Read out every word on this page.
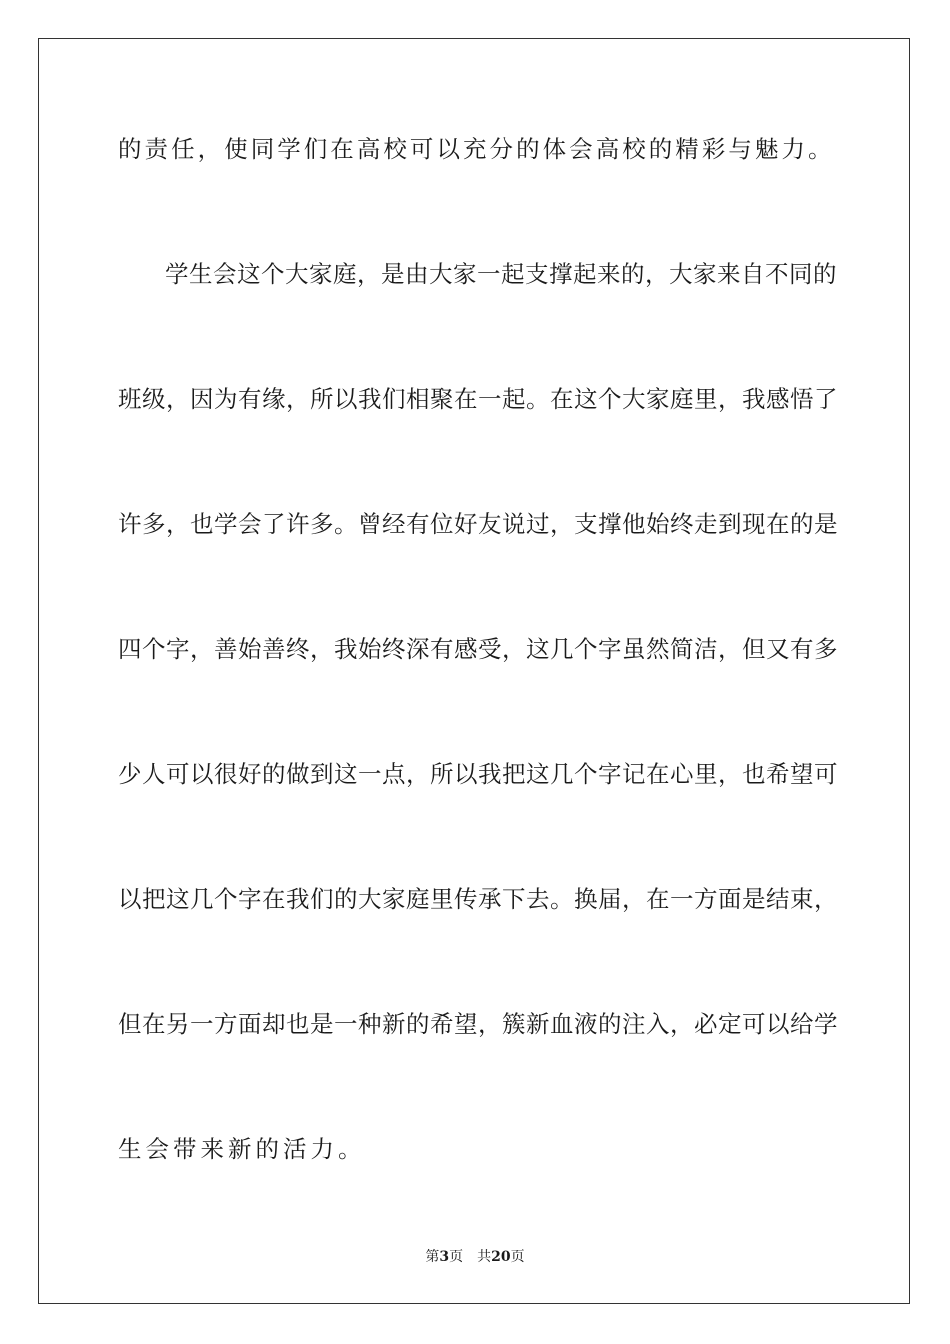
的责任，使同学们在高校可以充分的体会高校的精彩与魅力。
学生会这个大家庭，是由大家一起支撑起来的，大家来自不同的
班级，因为有缘，所以我们相聚在一起。在这个大家庭里，我感悟了
许多，也学会了许多。曾经有位好友说过，支撑他始终走到现在的是
四个字，善始善终，我始终深有感受，这几个字虽然简洁，但又有多
少人可以很好的做到这一点，所以我把这几个字记在心里，也希望可
以把这几个字在我们的大家庭里传承下去。换届，在一方面是结束，
但在另一方面却也是一种新的希望，簇新血液的注入，必定可以给学
生会带来新的活力。
第3页 共20页
